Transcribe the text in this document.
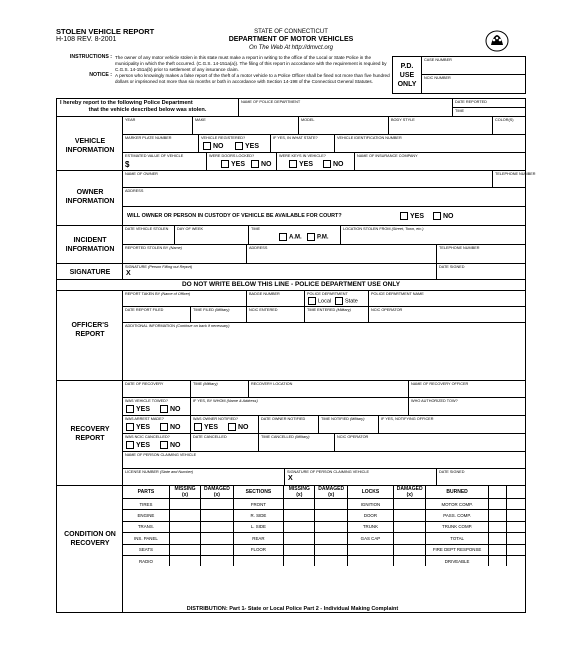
STOLEN VEHICLE REPORT
H-108 REV. 8-2001
STATE OF CONNECTICUT
DEPARTMENT OF MOTOR VEHICLES
On The Web At http://dmvct.org
INSTRUCTIONS : The owner of any motor vehicle stolen in this state must make a report in writing to the office of the Local or State Police in the municipality in which the theft occurred. (C.G.S. 14-151a(a)). The filing of this report in accordance with the requirement is required by C.G.S. 14-151a(b) prior to settlement of any insurance claim.
NOTICE : A person who knowingly makes a false report of the theft of a motor vehicle to a Police Officer shall be fined not more than five hundred dollars or imprisoned not more than six months or both in accordance with Section 14-198 of the Connecticut General Statutes.
P.D. USE ONLY
CASE NUMBER
NCIC NUMBER
I hereby report to the following Police Department
that the vehicle described below was stolen.
NAME OF POLICE DEPARTMENT	DATE REPORTED
TIME
VEHICLE INFORMATION
YEAR	MAKE	MODEL	BODY STYLE	COLOR(S)
MARKER PLATE NUMBER	VEHICLE REGISTERED?
NO	YES
IF YES, IN WHAT STATE?	VEHICLE IDENTIFICATION NUMBER
ESTIMATED VALUE OF VEHICLE
$
WERE DOORS LOCKED?
YES	NO
WERE KEYS IN VEHICLE?
YES	NO
NAME OF INSURANCE COMPANY
OWNER INFORMATION
NAME OF OWNER	TELEPHONE NUMBER
ADDRESS
WILL OWNER OR PERSON IN CUSTODY OF VEHICLE BE AVAILABLE FOR COURT?	YES	NO
INCIDENT INFORMATION
DATE VEHICLE STOLEN	DAY OF WEEK	TIME
A.M.	P.M.
LOCATION STOLEN FROM (Street, Town, etc.)
REPORTED STOLEN BY (Name)	ADDRESS	TELEPHONE NUMBER
SIGNATURE
SIGNATURE (Person Filling out Report)
X
DATE SIGNED
DO NOT WRITE BELOW THIS LINE - POLICE DEPARTMENT USE ONLY
OFFICER'S REPORT
REPORT TAKEN BY (Name of Officer)	BADGE NUMBER	POLICE DEPARTMENT
Local	State
POLICE DEPARTMENT NAME
DATE REPORT FILED	TIME FILED (Military)	NCIC ENTERED	TIME ENTERED (Military)	NCIC OPERATOR
ADDITIONAL INFORMATION (Continue on back if necessary)
RECOVERY REPORT
DATE OF RECOVERY	TIME (Military)	RECOVERY LOCATION	NAME OF RECOVERY OFFICER
WAS VEHICLE TOWED?
YES	NO
IF YES, BY WHOM (Name & Address)	WHO AUTHORIZED TOW?
WAS ARREST MADE?
YES	NO
WAS OWNER NOTIFIED?
YES	NO
DATE OWNER NOTIFIED	TIME NOTIFIED (Military)	IF YES, NOTIFYING OFFICER
WAS NCIC CANCELLED?
YES	NO
DATE CANCELLED	TIME CANCELLED (Military)	NCIC OPERATOR
NAME OF PERSON CLAIMING VEHICLE
LICENSE NUMBER (State and Number)	SIGNATURE OF PERSON CLAIMING VEHICLE
X
DATE SIGNED
CONDITION ON RECOVERY
PARTS	MISSING (x)	DAMAGED (x)	SECTIONS	MISSING (x)	DAMAGED (x)	LOCKS	DAMAGED (x)	BURNED		
TIRES			FRONT			IGNITION		MOTOR COMP.		
ENGINE			R. SIDE			DOOR		PASS. COMP.		
TRANS.			L. SIDE			TRUNK		TRUNK COMP.		
INS. PANEL			REAR			GAS CAP		TOTAL		
SEATS			FLOOR					FIRE DEPT RESPONSE		
RADIO								DRIVEABLE		
DISTRIBUTION: Part 1- State or Local Police Part 2 - Individual Making Complaint
